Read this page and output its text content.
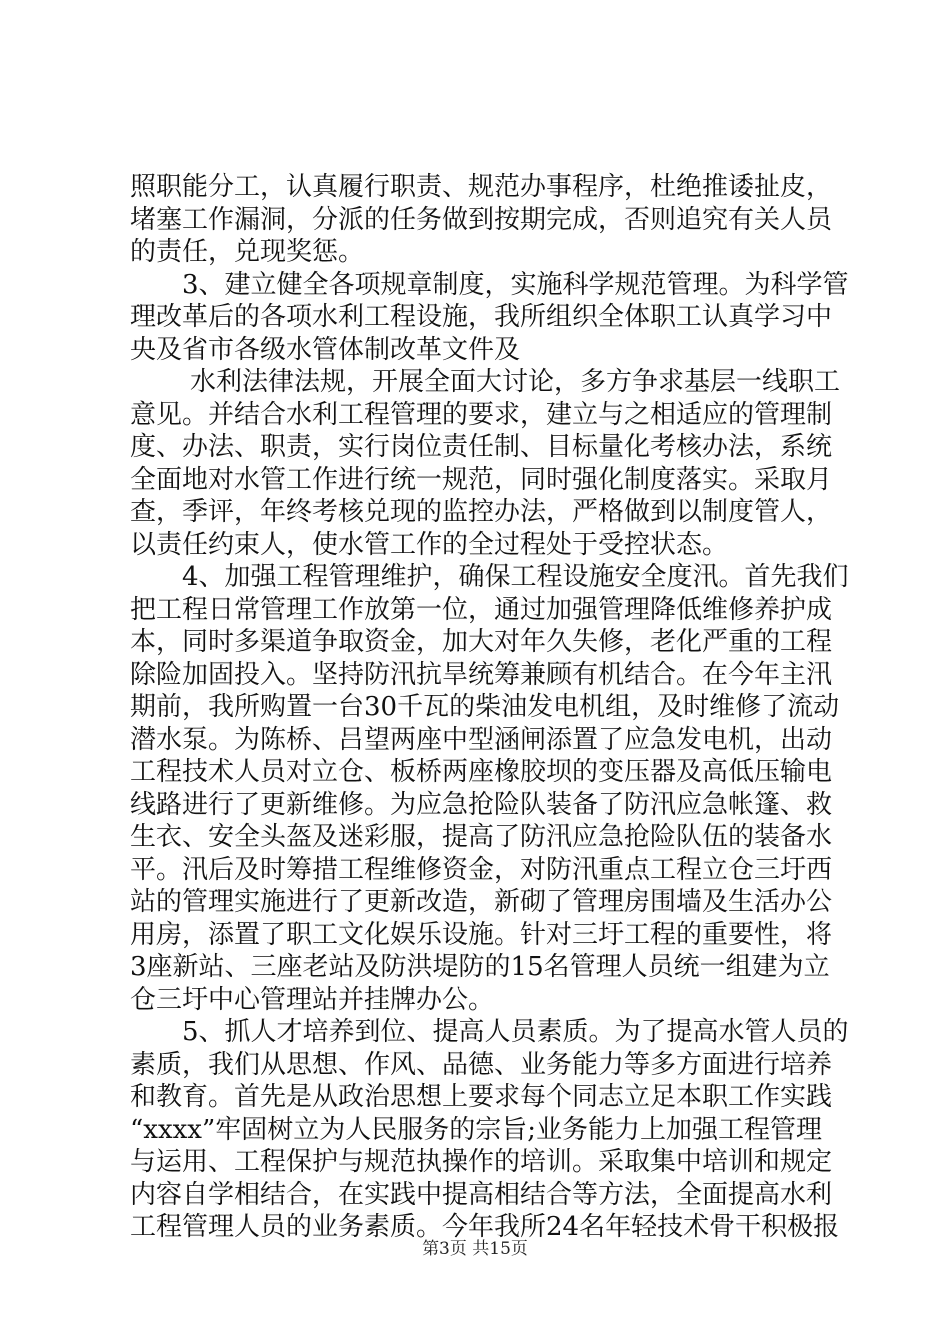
照职能分工，认真履行职责、规范办事程序，杜绝推诿扯皮，
堵塞工作漏洞，分派的任务做到按期完成，否则追究有关人员
的责任，兑现奖惩。
3、建立健全各项规章制度，实施科学规范管理。为科学管
理改革后的各项水利工程设施，我所组织全体职工认真学习中
央及省市各级水管体制改革文件及
水利法律法规，开展全面大讨论，多方争求基层一线职工
意见。并结合水利工程管理的要求，建立与之相适应的管理制
度、办法、职责，实行岗位责任制、目标量化考核办法，系统
全面地对水管工作进行统一规范，同时强化制度落实。采取月
查，季评，年终考核兑现的监控办法，严格做到以制度管人，
以责任约束人，使水管工作的全过程处于受控状态。
4、加强工程管理维护，确保工程设施安全度汛。首先我们
把工程日常管理工作放第一位，通过加强管理降低维修养护成
本，同时多渠道争取资金，加大对年久失修，老化严重的工程
除险加固投入。坚持防汛抗旱统筹兼顾有机结合。在今年主汛
期前，我所购置一台30千瓦的柴油发电机组，及时维修了流动
潜水泵。为陈桥、吕望两座中型涵闸添置了应急发电机，出动
工程技术人员对立仓、板桥两座橡胶坝的变压器及高低压输电
线路进行了更新维修。为应急抢险队装备了防汛应急帐篷、救
生衣、安全头盔及迷彩服，提高了防汛应急抢险队伍的装备水
平。汛后及时筹措工程维修资金，对防汛重点工程立仓三圩西
站的管理实施进行了更新改造，新砌了管理房围墙及生活办公
用房，添置了职工文化娱乐设施。针对三圩工程的重要性，将
3座新站、三座老站及防洪堤防的15名管理人员统一组建为立
仓三圩中心管理站并挂牌办公。
5、抓人才培养到位、提高人员素质。为了提高水管人员的
素质，我们从思想、作风、品德、业务能力等多方面进行培养
和教育。首先是从政治思想上要求每个同志立足本职工作实践
“xxxx”牢固树立为人民服务的宗旨;业务能力上加强工程管理
与运用、工程保护与规范执操作的培训。采取集中培训和规定
内容自学相结合，在实践中提高相结合等方法，全面提高水利
工程管理人员的业务素质。今年我所24名年轻技术骨干积极报
第3页 共15页
